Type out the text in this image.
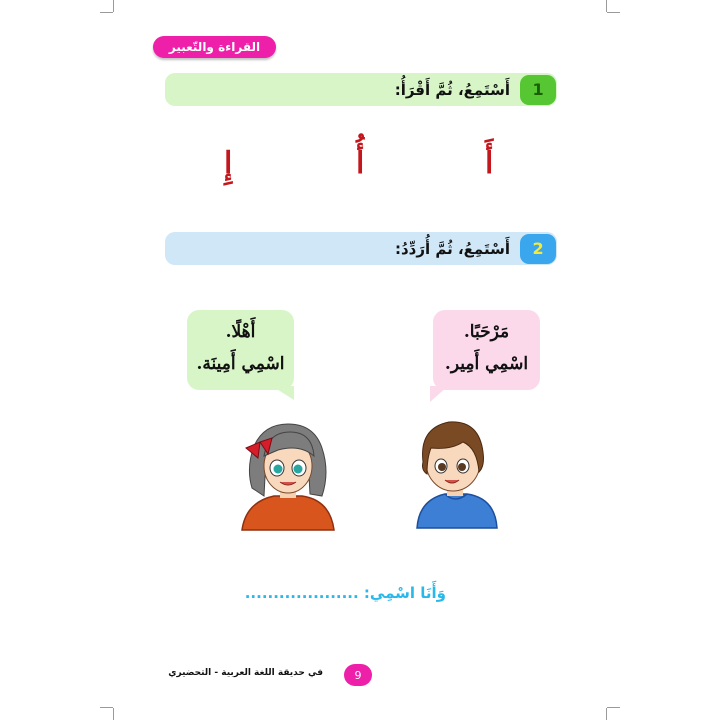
القراءة والتّعبير
1
أَسْتَمِعُ، ثُمَّ أَقْرَأُ:
أَ
أُ
إِ
2
أَسْتَمِعُ، ثُمَّ أُرَدِّدُ:
مَرْحَبًا.
اسْمِي أَمِير.
أَهْلًا.
اسْمِي أَمِينَة.
وَأَنَا اسْمِي: ....................
في حديقة اللغة العربية - التحضيري	9
